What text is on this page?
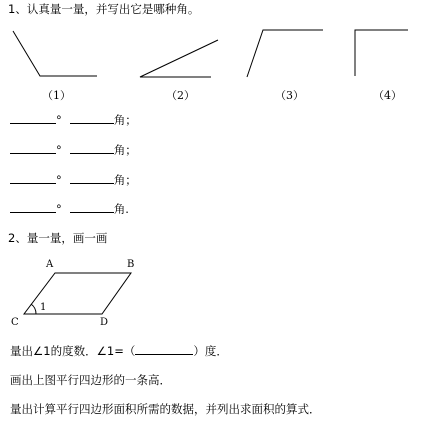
1、认真量一量，并写出它是哪种角。
（1）	（2）	（3）	（4）
°	角；
°	角；
°	角；
°	角.
2、量一量，画一画
A	B
C	D
1
量出∠1的度数．∠1=（	）度．
画出上图平行四边形的一条高．
量出计算平行四边形面积所需的数据，并列出求面积的算式．
